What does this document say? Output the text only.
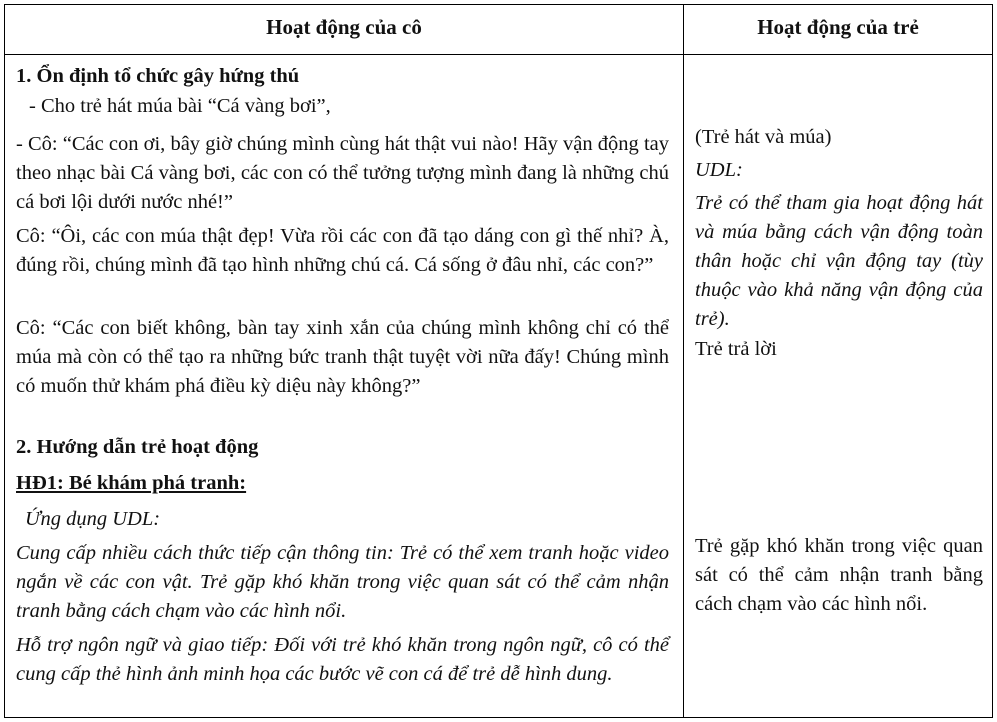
Hoạt động của cô	Hoạt động của trẻ

1. Ổn định tổ chức gây hứng thú

- Cho trẻ hát múa bài “Cá vàng bơi”,

- Cô: “Các con ơi, bây giờ chúng mình cùng hát thật vui nào! Hãy vận động tay theo nhạc bài Cá vàng bơi, các con có thể tưởng tượng mình đang là những chú cá bơi lội dưới nước nhé!”

Cô: “Ôi, các con múa thật đẹp! Vừa rồi các con đã tạo dáng con gì thế nhỉ? À, đúng rồi, chúng mình đã tạo hình những chú cá. Cá sống ở đâu nhỉ, các con?”

Cô: “Các con biết không, bàn tay xinh xắn của chúng mình không chỉ có thể múa mà còn có thể tạo ra những bức tranh thật tuyệt vời nữa đấy! Chúng mình có muốn thử khám phá điều kỳ diệu này không?”

2. Hướng dẫn trẻ hoạt động

HĐ1: Bé khám phá tranh:

Ứng dụng UDL:

Cung cấp nhiều cách thức tiếp cận thông tin: Trẻ có thể xem tranh hoặc video ngắn về các con vật. Trẻ gặp khó khăn trong việc quan sát có thể cảm nhận tranh bằng cách chạm vào các hình nổi.

Hỗ trợ ngôn ngữ và giao tiếp: Đối với trẻ khó khăn trong ngôn ngữ, cô có thể cung cấp thẻ hình ảnh minh họa các bước vẽ con cá để trẻ dễ hình dung.

(Trẻ hát và múa)

UDL:

Trẻ có thể tham gia hoạt động hát và múa bằng cách vận động toàn thân hoặc chỉ vận động tay (tùy thuộc vào khả năng vận động của trẻ).

Trẻ trả lời

Trẻ gặp khó khăn trong việc quan sát có thể cảm nhận tranh bằng cách chạm vào các hình nổi.
